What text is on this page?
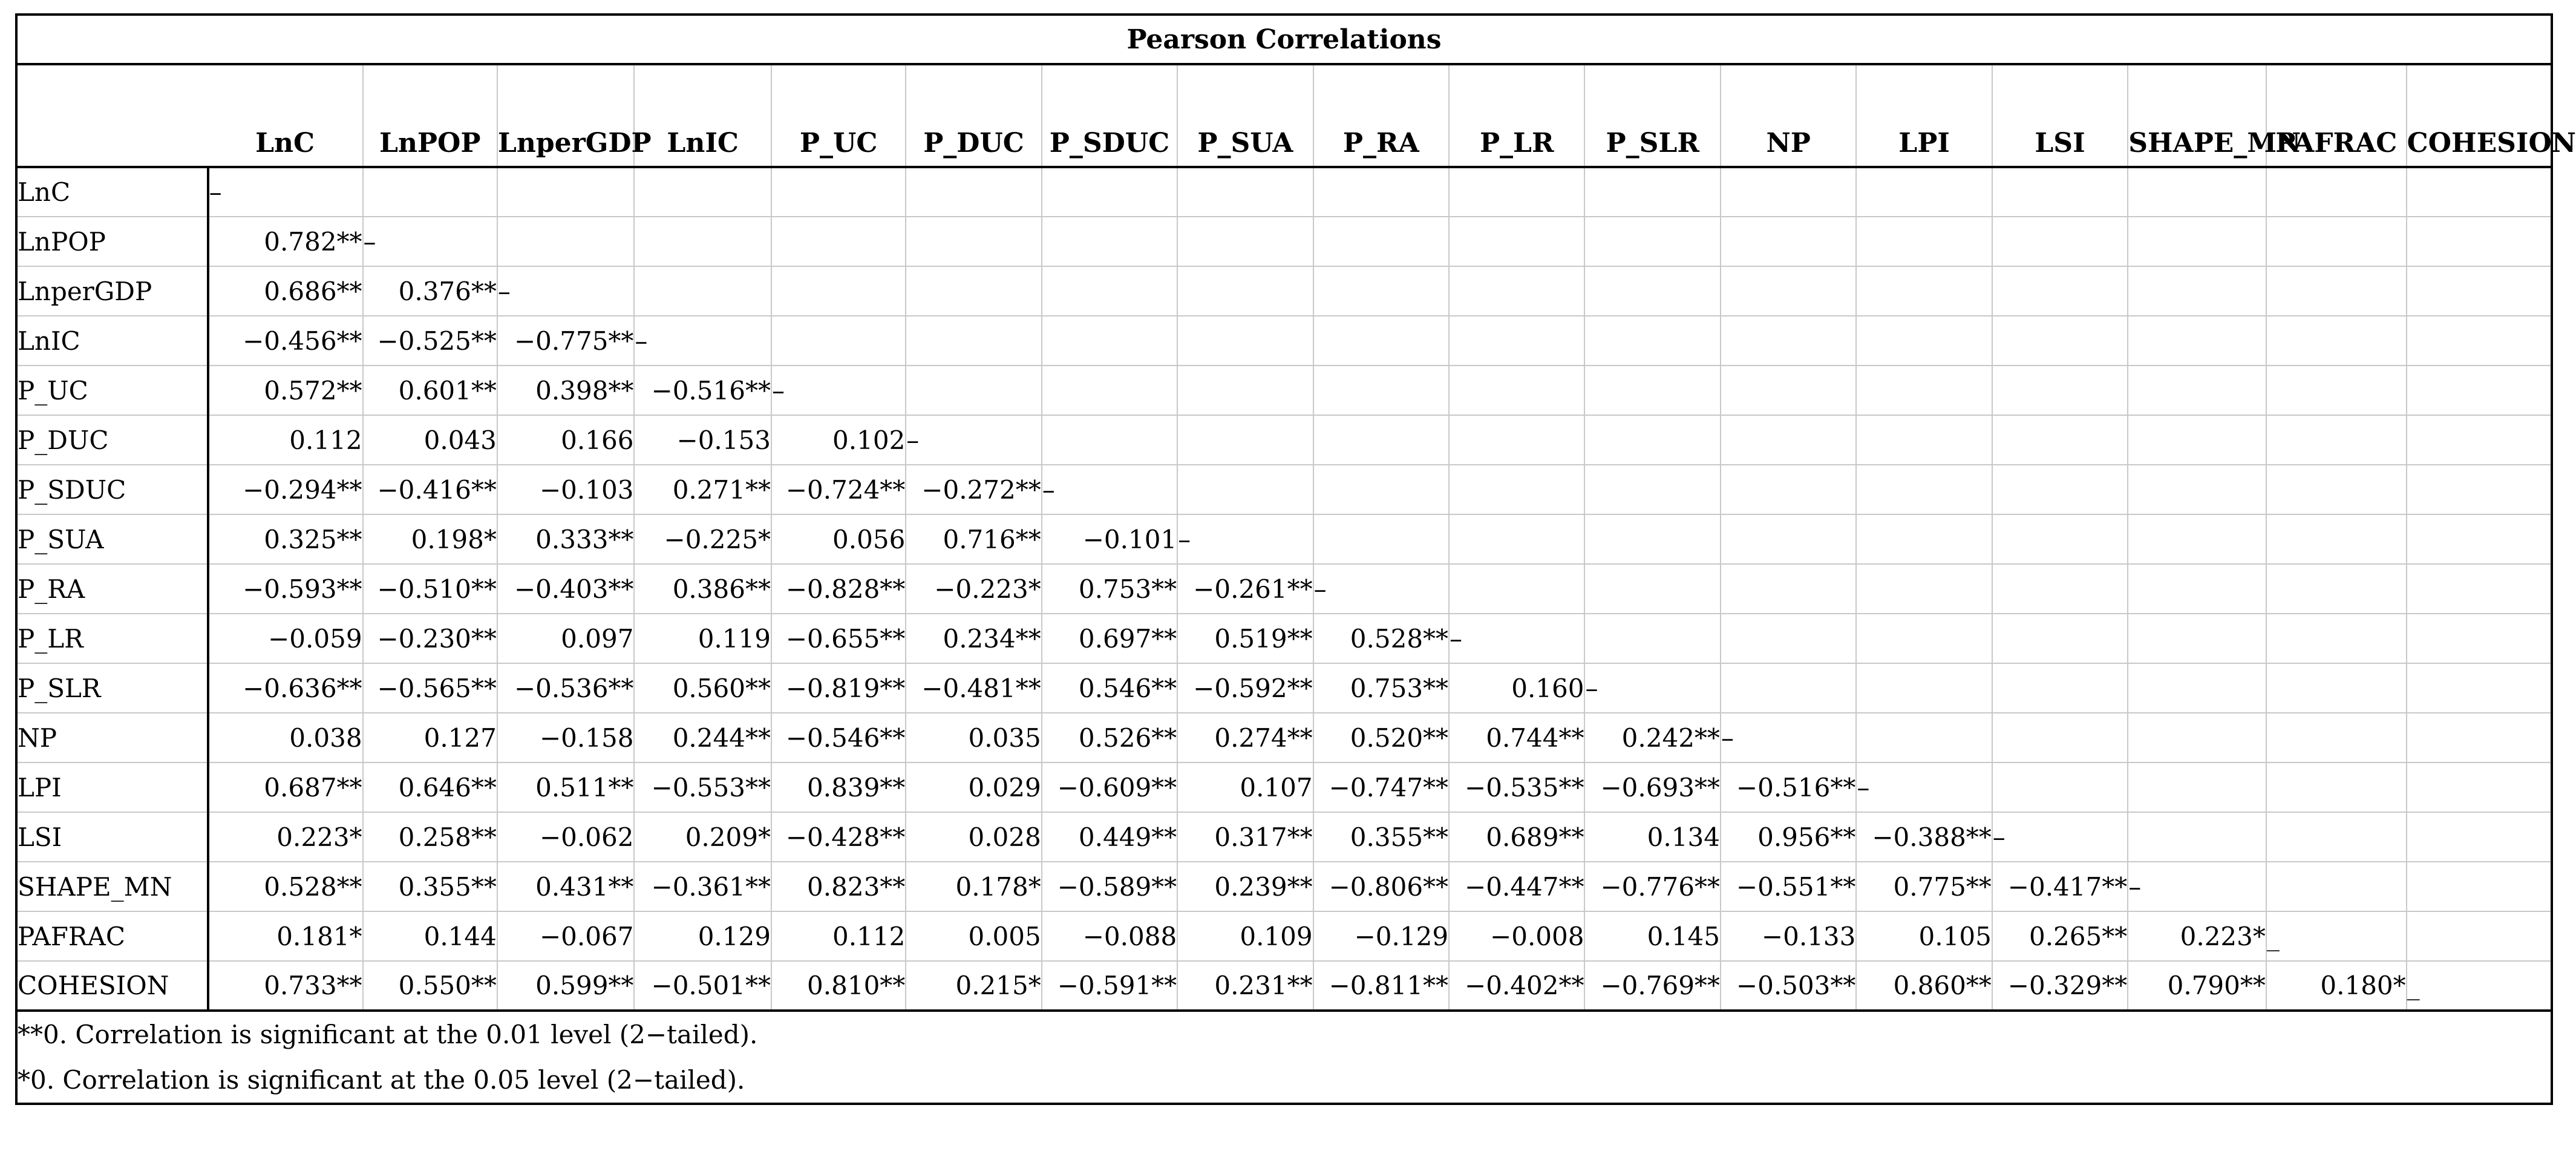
Pearson Correlations																	
	LnC	LnPOP	LnperGDP	LnIC	P_UC	P_DUC	P_SDUC	P_SUA	P_RA	P_LR	P_SLR	NP	LPI	LSI	SHAPE_MN	PAFRAC	COHESION
LnC	–																
LnPOP	0.782**	–															
LnperGDP	0.686**	0.376**	–														
LnIC	−0.456**	−0.525**	−0.775**	–													
P_UC	0.572**	0.601**	0.398**	−0.516**	–												
P_DUC	0.112	0.043	0.166	−0.153	0.102	–											
P_SDUC	−0.294**	−0.416**	−0.103	0.271**	−0.724**	−0.272**	–										
P_SUA	0.325**	0.198*	0.333**	−0.225*	0.056	0.716**	−0.101	–									
P_RA	−0.593**	−0.510**	−0.403**	0.386**	−0.828**	−0.223*	0.753**	−0.261**	–								
P_LR	−0.059	−0.230**	0.097	0.119	−0.655**	0.234**	0.697**	0.519**	0.528**	–							
P_SLR	−0.636**	−0.565**	−0.536**	0.560**	−0.819**	−0.481**	0.546**	−0.592**	0.753**	0.160	–						
NP	0.038	0.127	−0.158	0.244**	−0.546**	0.035	0.526**	0.274**	0.520**	0.744**	0.242**	–					
LPI	0.687**	0.646**	0.511**	−0.553**	0.839**	0.029	−0.609**	0.107	−0.747**	−0.535**	−0.693**	−0.516**	–				
LSI	0.223*	0.258**	−0.062	0.209*	−0.428**	0.028	0.449**	0.317**	0.355**	0.689**	0.134	0.956**	−0.388**	–			
SHAPE_MN	0.528**	0.355**	0.431**	−0.361**	0.823**	0.178*	−0.589**	0.239**	−0.806**	−0.447**	−0.776**	−0.551**	0.775**	−0.417**	–		
PAFRAC	0.181*	0.144	−0.067	0.129	0.112	0.005	−0.088	0.109	−0.129	−0.008	0.145	−0.133	0.105	0.265**	0.223*	_	
COHESION	0.733**	0.550**	0.599**	−0.501**	0.810**	0.215*	−0.591**	0.231**	−0.811**	−0.402**	−0.769**	−0.503**	0.860**	−0.329**	0.790**	0.180*	_
**0. Correlation is significant at the 0.01 level (2−tailed).																	
*0. Correlation is significant at the 0.05 level (2−tailed).																	
